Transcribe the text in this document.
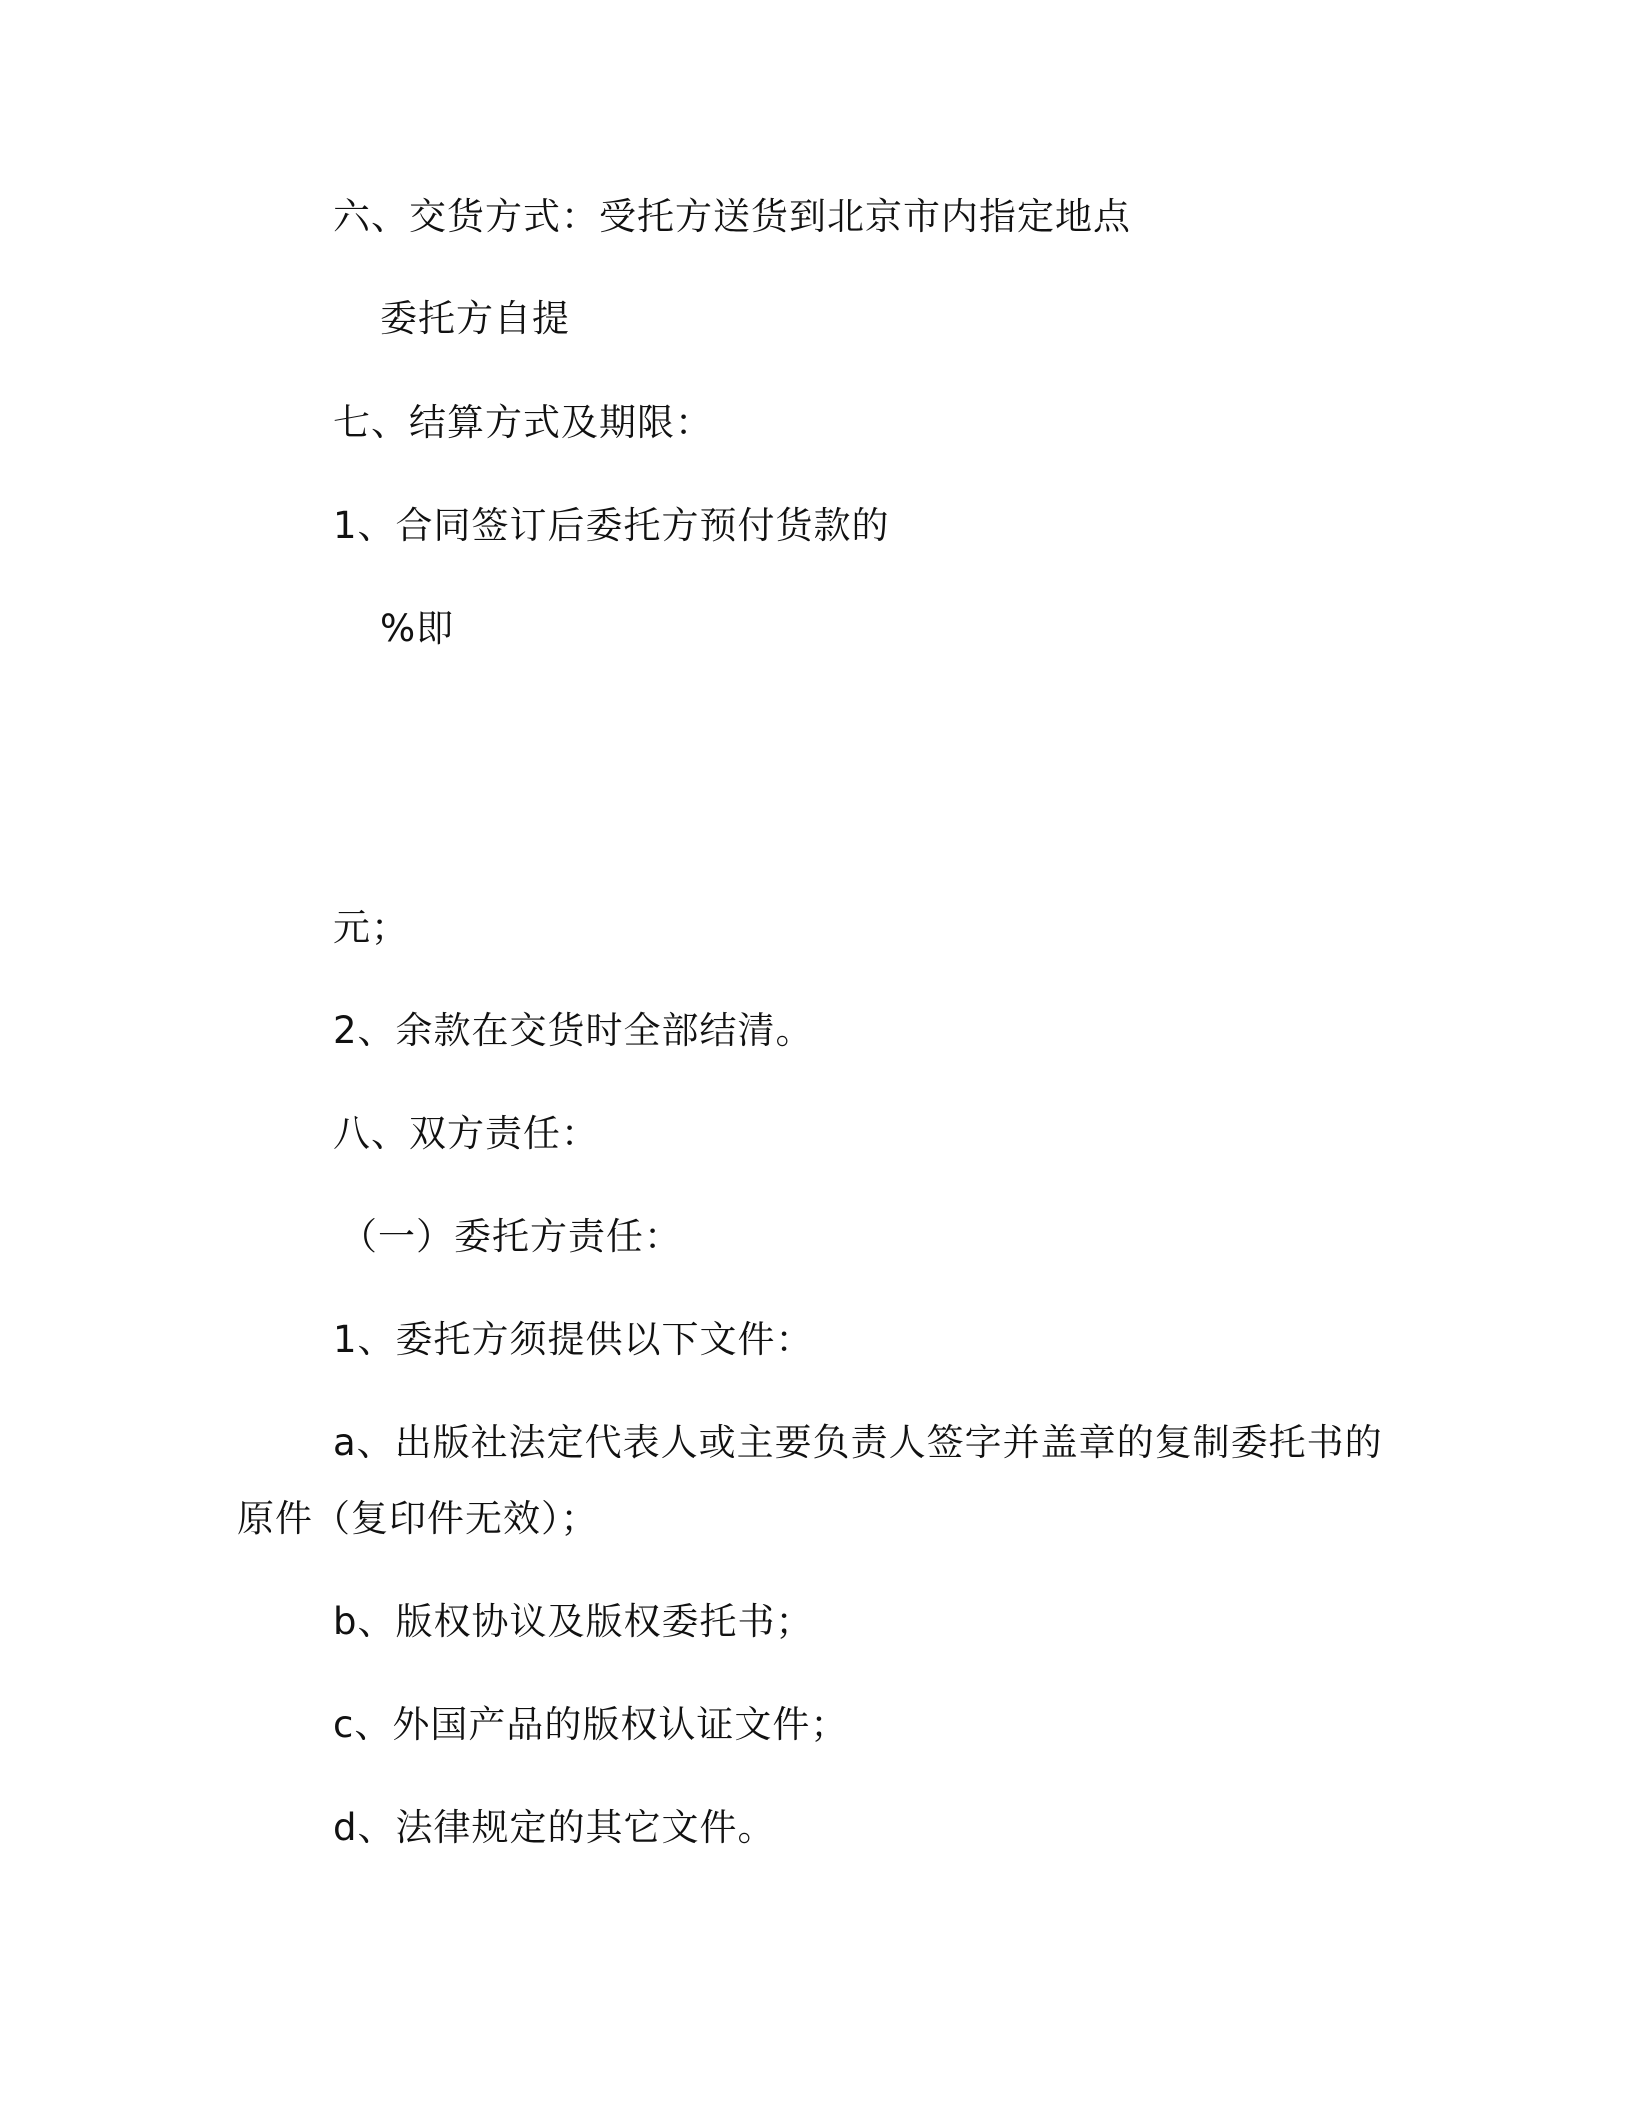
六、交货方式：受托方送货到北京市内指定地点
委托方自提
七、结算方式及期限：
1、合同签订后委托方预付货款的
%即
元；
2、余款在交货时全部结清。
八、双方责任：
（一）委托方责任：
1、委托方须提供以下文件：
a、出版社法定代表人或主要负责人签字并盖章的复制委托书的
原件（复印件无效）；
b、版权协议及版权委托书；
c、外国产品的版权认证文件；
d、法律规定的其它文件。
